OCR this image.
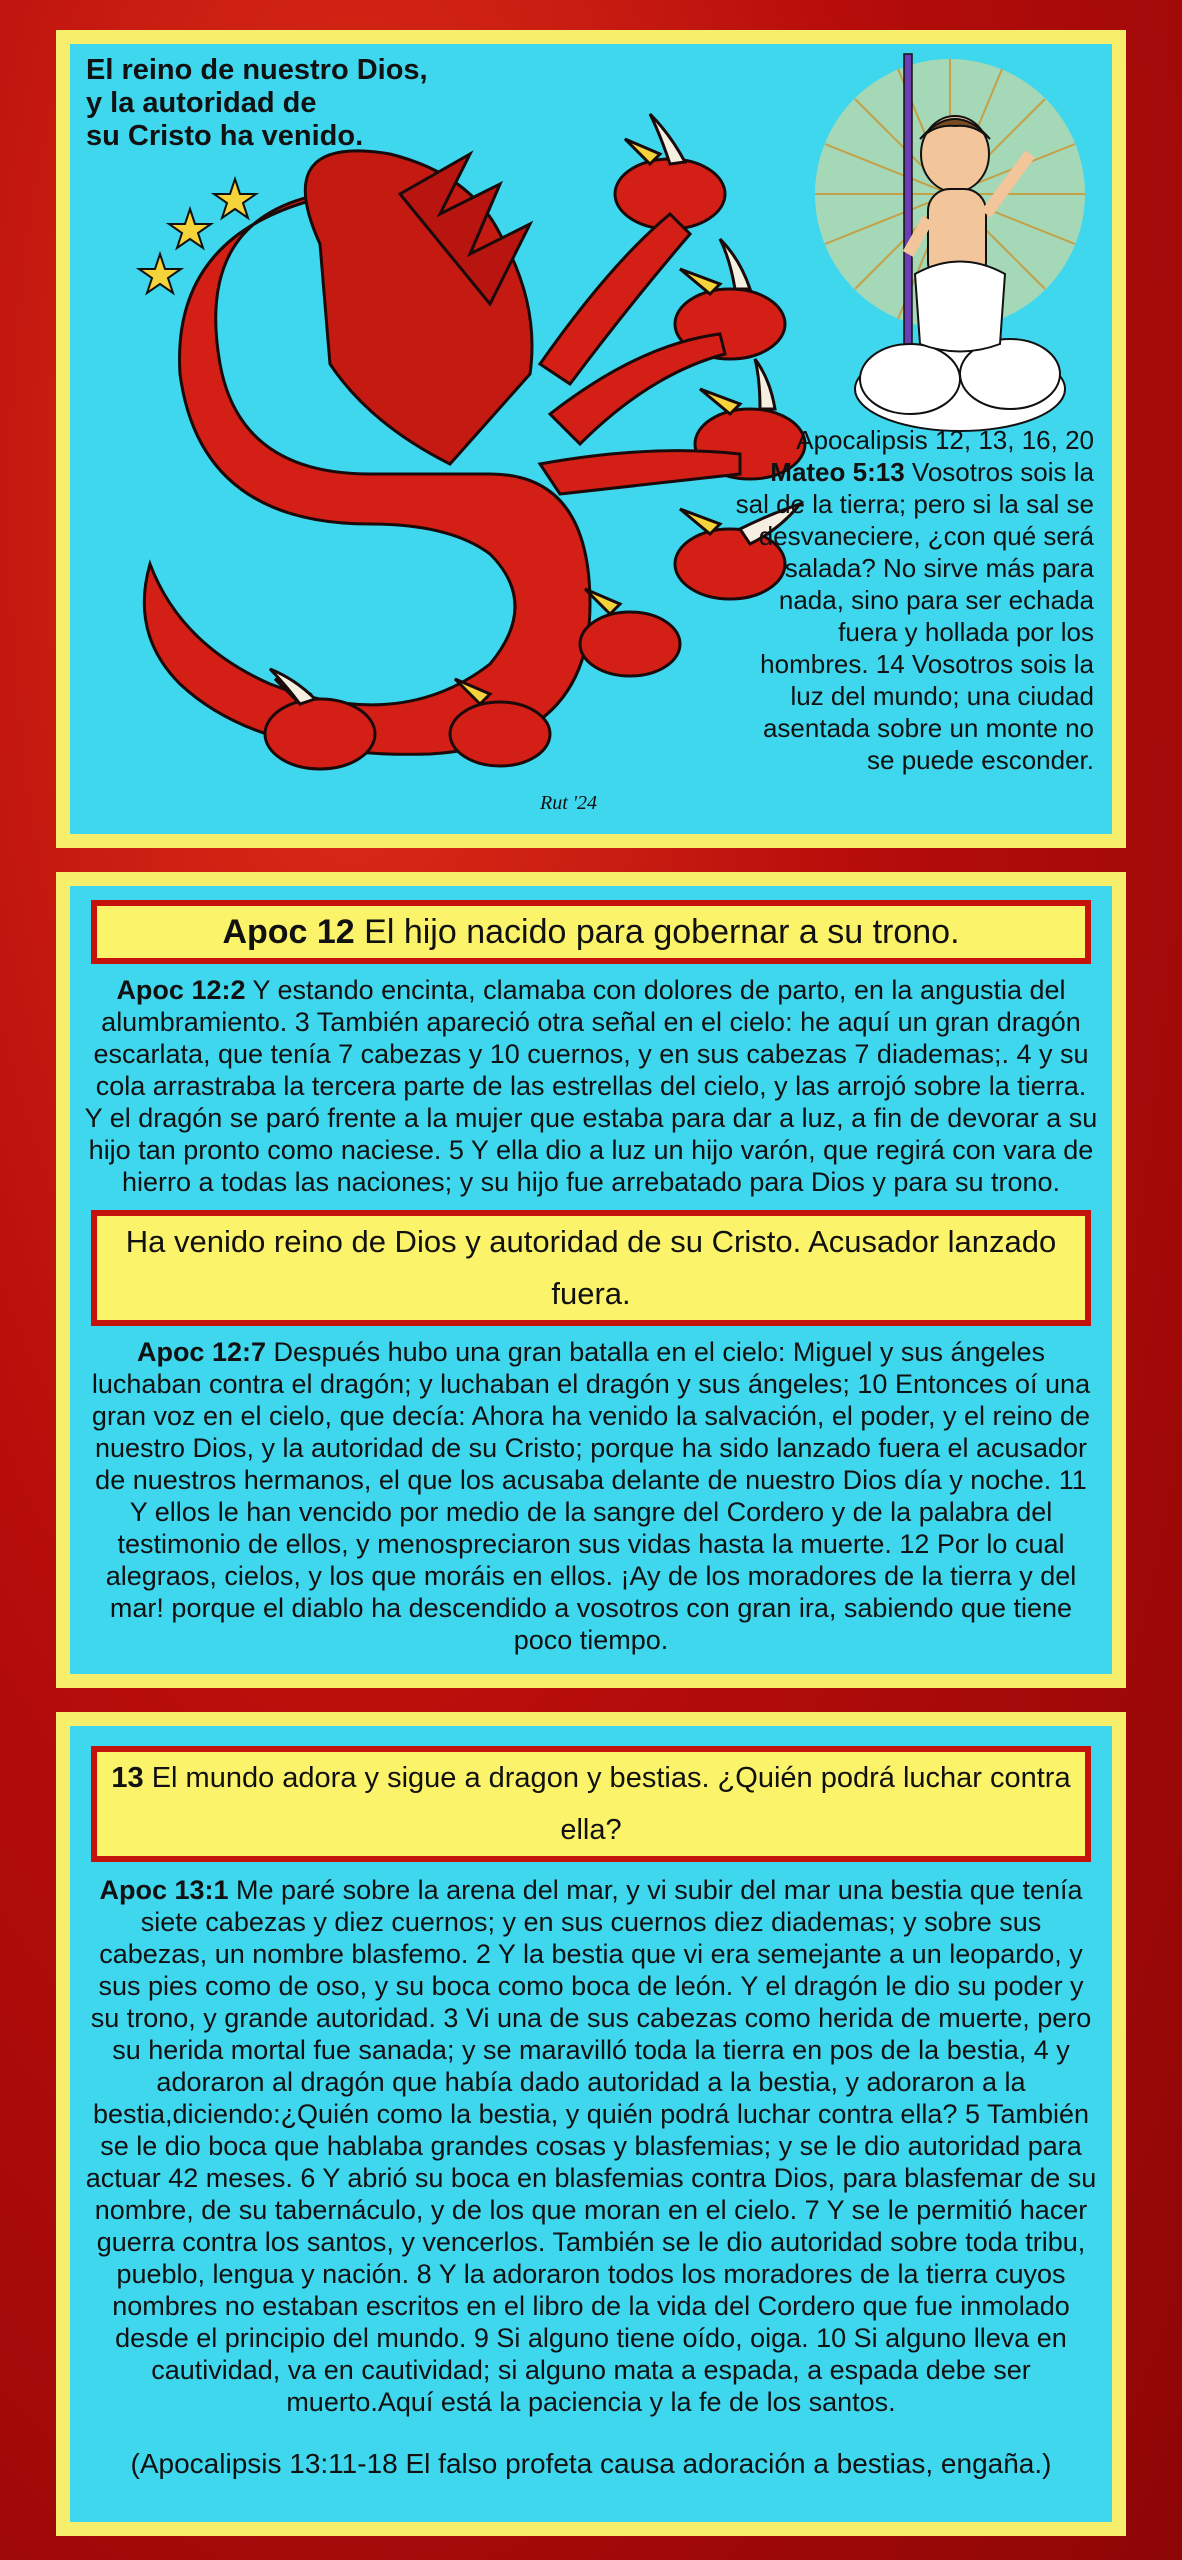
Rut '24
El reino de nuestro Dios,
y la autoridad de
su Cristo ha venido.
Apocalipsis 12, 13, 16, 20
Mateo 5:13 Vosotros sois la sal de la tierra; pero si la sal se desvaneciere, ¿con qué será salada? No sirve más para nada, sino para ser echada fuera y hollada por los hombres. 14 Vosotros sois la luz del mundo; una ciudad asentada sobre un monte no se puede esconder.
Apoc 12 El hijo nacido para gobernar a su trono.
Apoc 12:2 Y estando encinta, clamaba con dolores de parto, en la angustia del alumbramiento. 3 También apareció otra señal en el cielo: he aquí un gran dragón escarlata, que tenía 7 cabezas y 10 cuernos, y en sus cabezas 7 diademas;. 4 y su cola arrastraba la tercera parte de las estrellas del cielo, y las arrojó sobre la tierra. Y el dragón se paró frente a la mujer que estaba para dar a luz, a fin de devorar a su hijo tan pronto como naciese. 5 Y ella dio a luz un hijo varón, que regirá con vara de hierro a todas las naciones; y su hijo fue arrebatado para Dios y para su trono.
Ha venido reino de Dios y autoridad de su Cristo. Acusador lanzado fuera.
Apoc 12:7 Después hubo una gran batalla en el cielo: Miguel y sus ángeles luchaban contra el dragón; y luchaban el dragón y sus ángeles; 10 Entonces oí una gran voz en el cielo, que decía: Ahora ha venido la salvación, el poder, y el reino de nuestro Dios, y la autoridad de su Cristo; porque ha sido lanzado fuera el acusador de nuestros hermanos, el que los acusaba delante de nuestro Dios día y noche. 11 Y ellos le han vencido por medio de la sangre del Cordero y de la palabra del testimonio de ellos, y menospreciaron sus vidas hasta la muerte. 12 Por lo cual alegraos, cielos, y los que moráis en ellos. ¡Ay de los moradores de la tierra y del mar! porque el diablo ha descendido a vosotros con gran ira, sabiendo que tiene poco tiempo.
13 El mundo adora y sigue a dragon y bestias. ¿Quién podrá luchar contra ella?
Apoc 13:1 Me paré sobre la arena del mar, y vi subir del mar una bestia que tenía siete cabezas y diez cuernos; y en sus cuernos diez diademas; y sobre sus cabezas, un nombre blasfemo. 2 Y la bestia que vi era semejante a un leopardo, y sus pies como de oso, y su boca como boca de león. Y el dragón le dio su poder y su trono, y grande autoridad. 3 Vi una de sus cabezas como herida de muerte, pero su herida mortal fue sanada; y se maravilló toda la tierra en pos de la bestia, 4 y adoraron al dragón que había dado autoridad a la bestia, y adoraron a la bestia,diciendo:¿Quién como la bestia, y quién podrá luchar contra ella? 5 También se le dio boca que hablaba grandes cosas y blasfemias; y se le dio autoridad para actuar 42 meses. 6 Y abrió su boca en blasfemias contra Dios, para blasfemar de su nombre, de su tabernáculo, y de los que moran en el cielo. 7 Y se le permitió hacer guerra contra los santos, y vencerlos. También se le dio autoridad sobre toda tribu, pueblo, lengua y nación. 8 Y la adoraron todos los moradores de la tierra cuyos nombres no estaban escritos en el libro de la vida del Cordero que fue inmolado desde el principio del mundo. 9 Si alguno tiene oído, oiga. 10 Si alguno lleva en cautividad, va en cautividad; si alguno mata a espada, a espada debe ser muerto.Aquí está la paciencia y la fe de los santos.
(Apocalipsis 13:11-18 El falso profeta causa adoración a bestias, engaña.)
